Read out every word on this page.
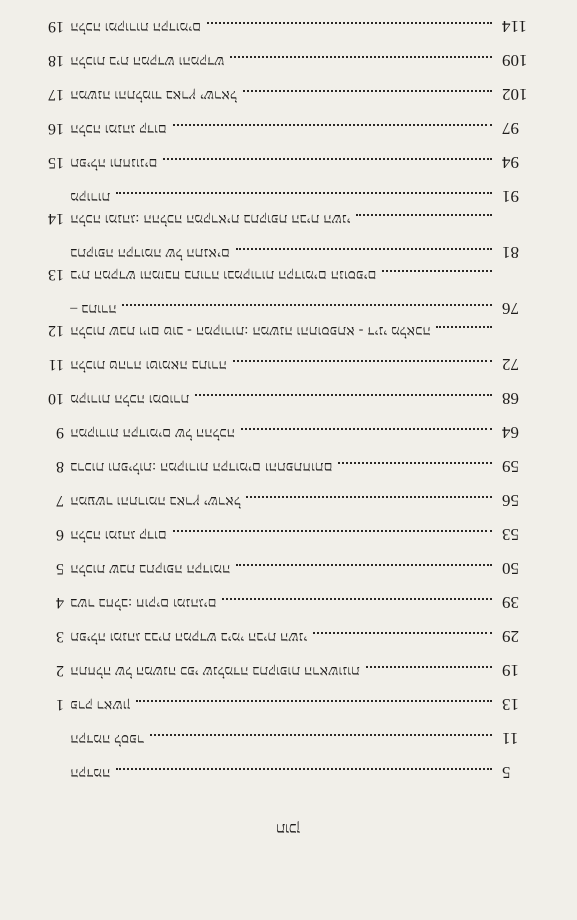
5
הקדמה
11
הקדמה לספר
13
פרק ראשון
1
19
התחלה של המשנה כפי שנלמדה בתקופות הראשונות
2
29
תפילה ומנהג בבית המקדש בימי הבית השני
3
39
בשר בחלב: חוקים ומנהגים
4
50
הלכות שבת בתקופה הקדומה
5
53
הלכה ומנהג קדום
6
56
המעשר והתרומה בארץ ישראל
7
59
ברכות ותפילות: המקורות הקדומים והתפתחותם
8
64
המקורות הקדומים של ההלכה
9
68
מקורות הלכה ומסורת
10
72
הלכות טהרה וטומאה בתורה
11
הלכות שבת ויום טוב - המקורות: המשנה והתוספתא - דיני מלאכה
12
76
בתורה –
בית המקדש והמזבח בתורה ובמקורות הקדומים הנוספים
13
81
בתקופה הקדומה של התנאים
הלכה ומנהג: ההלכה המקראית בתקופת הבית השני
14
91
מקורות
94
תפילה ותחנונים
15
97
הלכה ומנהג קדום
16
102
המשנה והתלמוד בארץ ישראל
17
109
הלכות בית המקדש והמקדש
18
114
הלכה ומקורות הקדומים
19
תוכן
